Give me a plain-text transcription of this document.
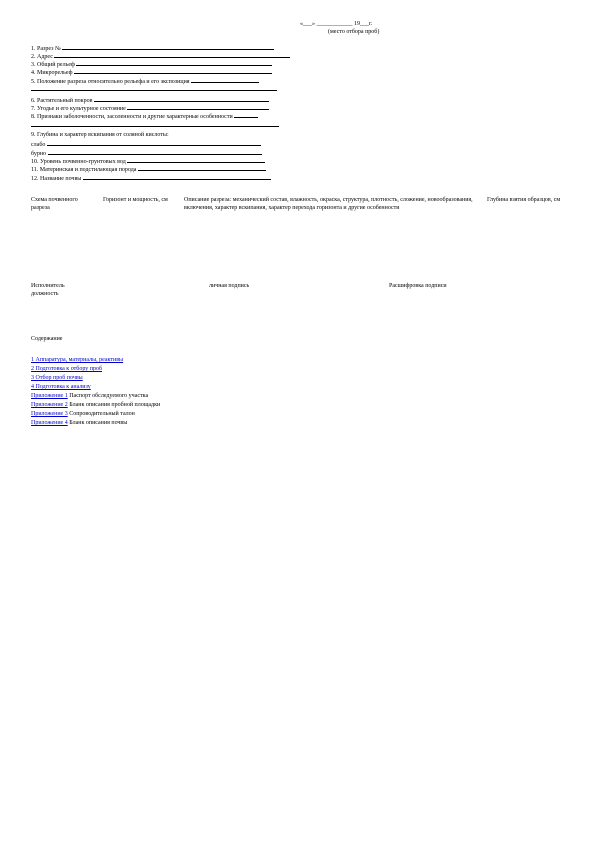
«___» ____________ 19___г.
(место отбора проб)
1. Разрез №
2. Адрес
3. Общий рельеф
4. Микрорельеф
5. Положение разреза относительно рельефа и его экспозиция
6. Растительный покров
7. Угодье и его культурное состояние
8. Признаки заболоченности, засоленности и другие характерные особенности
9. Глубина и характер вскипания от соляной кислоты:
слабо
бурно
10. Уровень почвенно-грунтовых вод
11. Материнская и подстилающая порода
12. Название почвы
Схема почвенного разреза
Горизонт и мощность, см	Описание разреза: механический состав, влажность, окраска, структура, плотность, сложение, новообразования, включения, характер вскипания, характер перехода горизонта и другие особенности
Глубина взятия образцов, см
Исполнитель должность
личная подпись	Расшифровка подписи
Содержание
1 Аппаратура, материалы, реактивы
2 Подготовка к отбору проб
3 Отбор проб почвы
4 Подготовка к анализу
Приложение 1 Паспорт обследуемого участка
Приложение 2 Бланк описания пробной площадки
Приложение 3 Сопроводительный талон
Приложение 4 Бланк описания почвы
